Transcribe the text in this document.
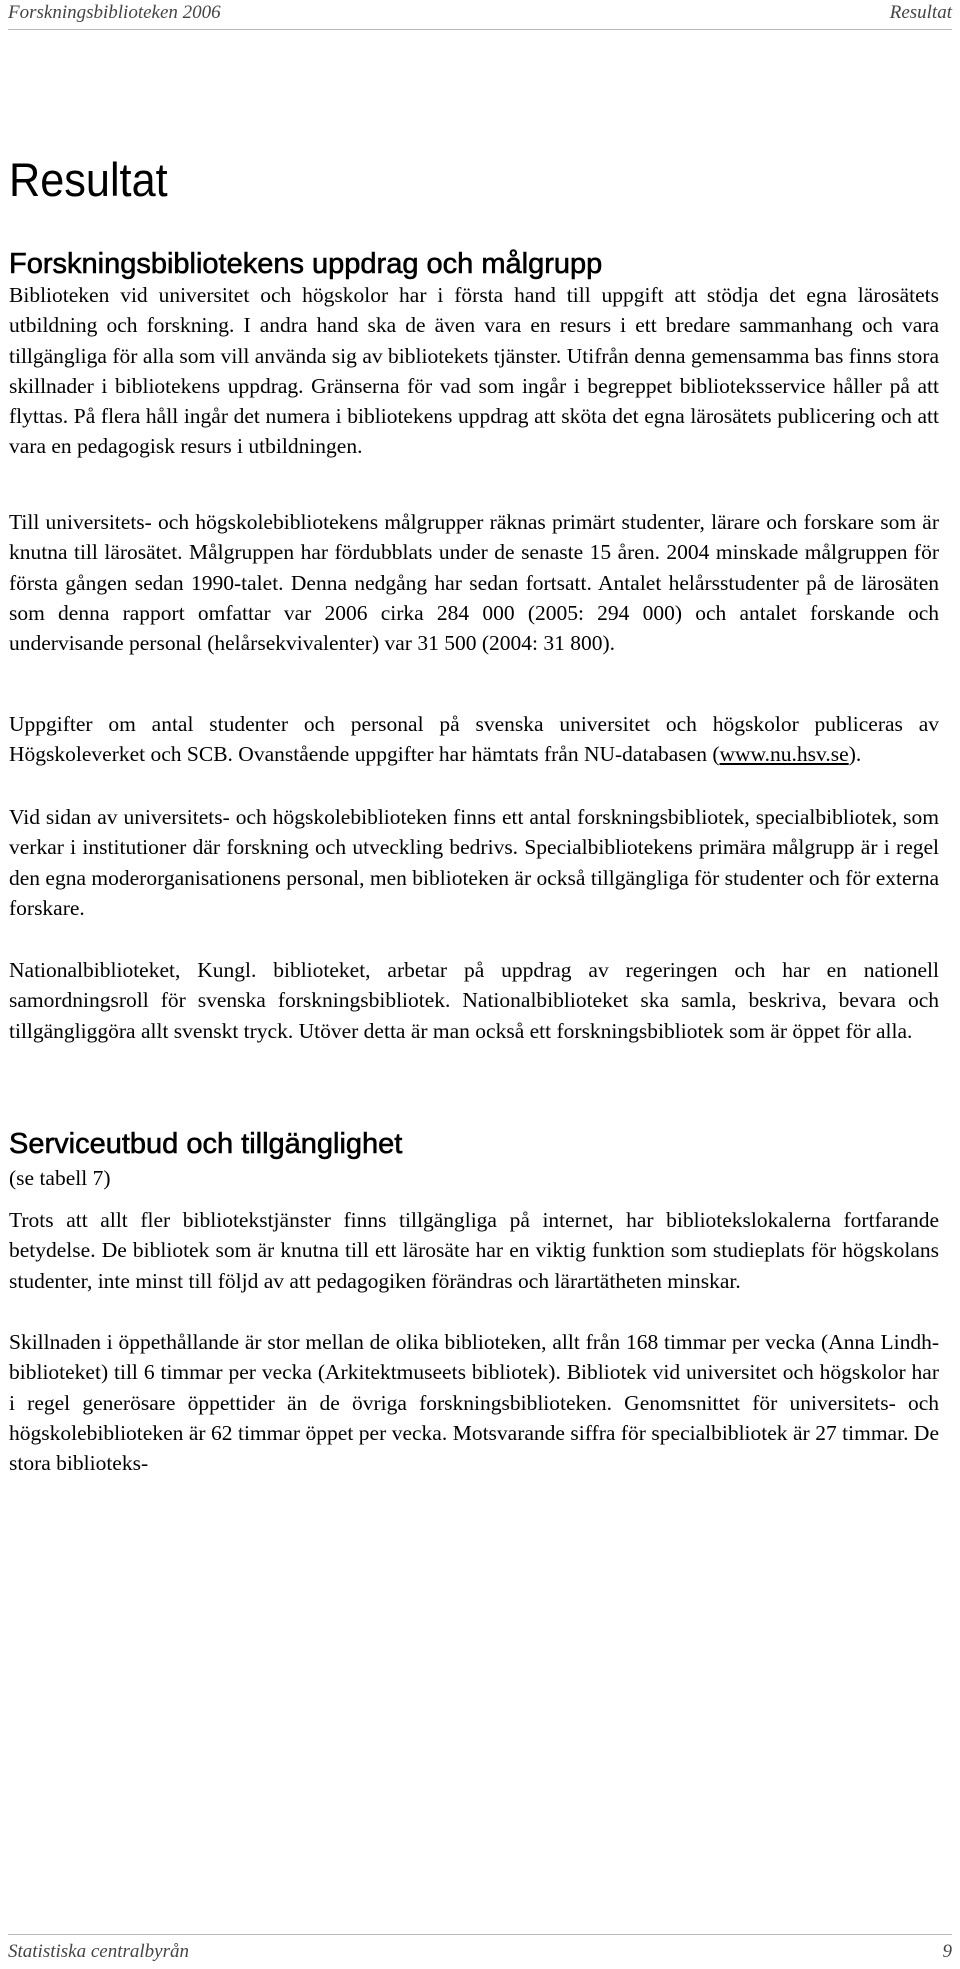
Forskningsbiblioteken 2006	Resultat
Resultat
Forskningsbibliotekens uppdrag och målgrupp

Biblioteken vid universitet och högskolor har i första hand till uppgift att stödja det egna lärosätets utbildning och forskning. I andra hand ska de även vara en resurs i ett bredare sammanhang och vara tillgängliga för alla som vill använda sig av bibliotekets tjänster. Utifrån denna gemensamma bas finns stora skillnader i bibliotekens uppdrag. Gränserna för vad som ingår i begreppet biblioteksservice håller på att flyttas. På flera håll ingår det numera i bibliotekens uppdrag att sköta det egna lärosätets publicering och att vara en pedagogisk resurs i utbildningen.

Till universitets- och högskolebibliotekens målgrupper räknas primärt studenter, lärare och forskare som är knutna till lärosätet. Målgruppen har fördubblats under de senaste 15 åren. 2004 minskade målgruppen för första gången sedan 1990-talet. Denna nedgång har sedan fortsatt. Antalet helårsstudenter på de lärosäten som denna rapport omfattar var 2006 cirka 284 000 (2005: 294 000) och antalet forskande och undervisande personal (helårsekvivalenter) var 31 500 (2004: 31 800).

Uppgifter om antal studenter och personal på svenska universitet och högskolor publiceras av Högskoleverket och SCB. Ovanstående uppgifter har hämtats från NU-databasen (www.nu.hsv.se).

Vid sidan av universitets- och högskolebiblioteken finns ett antal forskningsbibliotek, specialbibliotek, som verkar i institutioner där forskning och utveckling bedrivs. Specialbibliotekens primära målgrupp är i regel den egna moderorganisationens personal, men biblioteken är också tillgängliga för studenter och för externa forskare.

Nationalbiblioteket, Kungl. biblioteket, arbetar på uppdrag av regeringen och har en nationell samordningsroll för svenska forskningsbibliotek. Nationalbiblioteket ska samla, beskriva, bevara och tillgängliggöra allt svenskt tryck. Utöver detta är man också ett forskningsbibliotek som är öppet för alla.

Serviceutbud och tillgänglighet

(se tabell 7)

Trots att allt fler bibliotekstjänster finns tillgängliga på internet, har bibliotekslokalerna fortfarande betydelse. De bibliotek som är knutna till ett lärosäte har en viktig funktion som studieplats för högskolans studenter, inte minst till följd av att pedagogiken förändras och lärartätheten minskar.

Skillnaden i öppethållande är stor mellan de olika biblioteken, allt från 168 timmar per vecka (Anna Lindh-biblioteket) till 6 timmar per vecka (Arkitektmuseets bibliotek). Bibliotek vid universitet och högskolor har i regel generösare öppettider än de övriga forskningsbiblioteken. Genomsnittet för universitets- och högskolebiblioteken är 62 timmar öppet per vecka. Motsvarande siffra för specialbibliotek är 27 timmar. De stora biblioteks-

Statistiska centralbyrån	9
